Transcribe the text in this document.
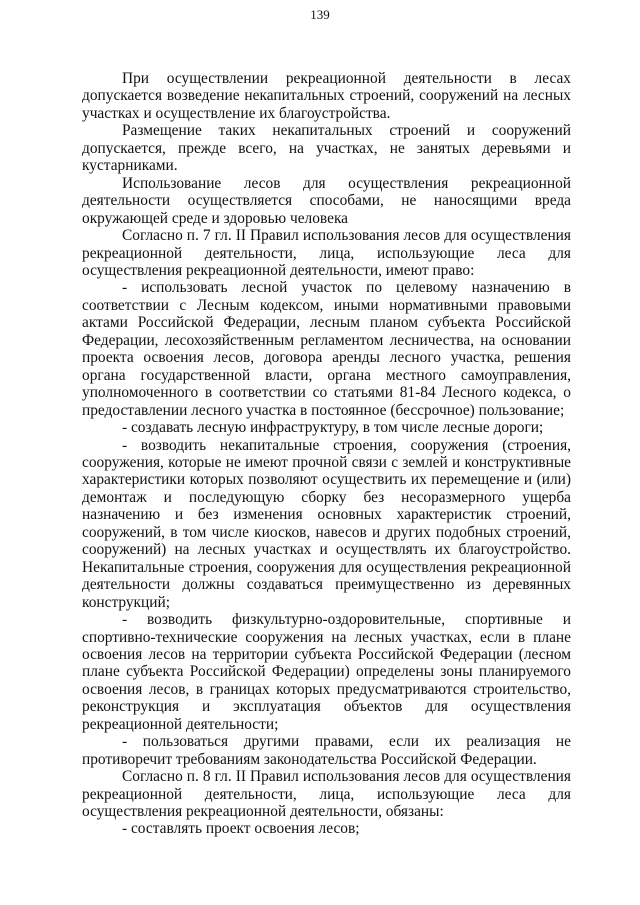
139

При осуществлении рекреационной деятельности в лесах допускается возведение некапитальных строений, сооружений на лесных участках и осуществление их благоустройства.

Размещение таких некапитальных строений и сооружений допускается, прежде всего, на участках, не занятых деревьями и кустарниками.

Использование лесов для осуществления рекреационной деятельности осуществляется способами, не наносящими вреда окружающей среде и здоровью человека

Согласно п. 7 гл. II Правил использования лесов для осуществления рекреационной деятельности, лица, использующие леса для осуществления рекреационной деятельности, имеют право:

- использовать лесной участок по целевому назначению в соответствии с Лесным кодексом, иными нормативными правовыми актами Российской Федерации, лесным планом субъекта Российской Федерации, лесохозяйственным регламентом лесничества, на основании проекта освоения лесов, договора аренды лесного участка, решения органа государственной власти, органа местного самоуправления, уполномоченного в соответствии со статьями 81-84 Лесного кодекса, о предоставлении лесного участка в постоянное (бессрочное) пользование;

- создавать лесную инфраструктуру, в том числе лесные дороги;

- возводить некапитальные строения, сооружения (строения, сооружения, которые не имеют прочной связи с землей и конструктивные характеристики которых позволяют осуществить их перемещение и (или) демонтаж и последующую сборку без несоразмерного ущерба назначению и без изменения основных характеристик строений, сооружений, в том числе киосков, навесов и других подобных строений, сооружений) на лесных участках и осуществлять их благоустройство. Некапитальные строения, сооружения для осуществления рекреационной деятельности должны создаваться преимущественно из деревянных конструкций;

- возводить физкультурно-оздоровительные, спортивные и спортивно-технические сооружения на лесных участках, если в плане освоения лесов на территории субъекта Российской Федерации (лесном плане субъекта Российской Федерации) определены зоны планируемого освоения лесов, в границах которых предусматриваются строительство, реконструкция и эксплуатация объектов для осуществления рекреационной деятельности;

- пользоваться другими правами, если их реализация не противоречит требованиям законодательства Российской Федерации.

Согласно п. 8 гл. II Правил использования лесов для осуществления рекреационной деятельности, лица, использующие леса для осуществления рекреационной деятельности, обязаны:

- составлять проект освоения лесов;
